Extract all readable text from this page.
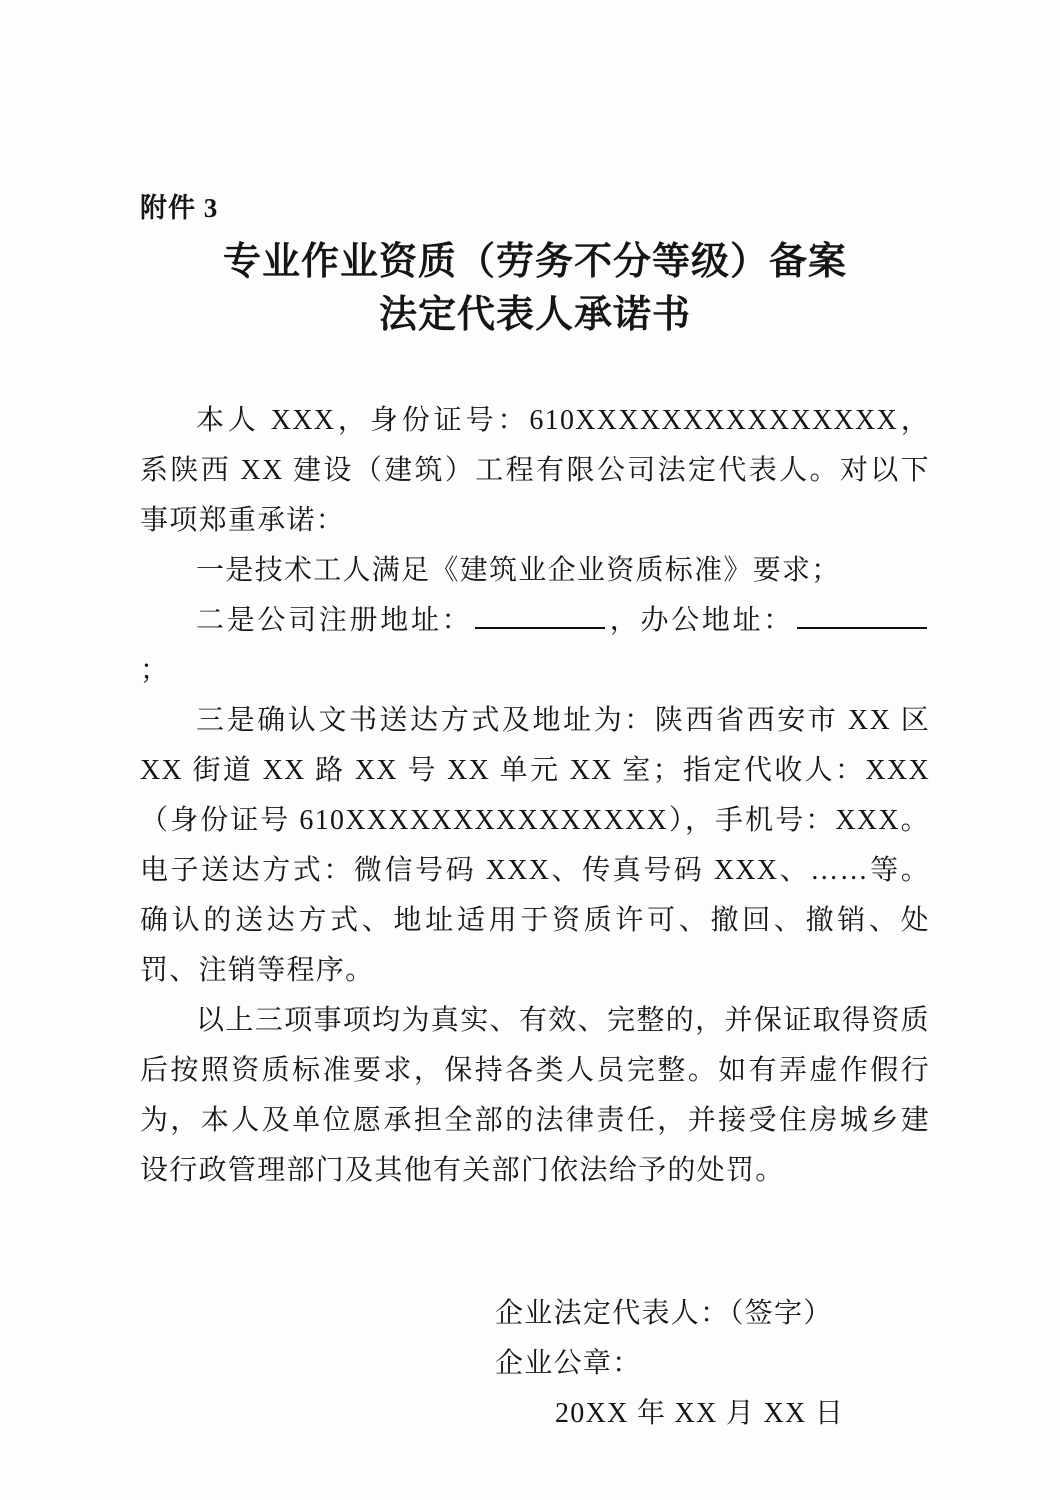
附件 3
专业作业资质（劳务不分等级）备案
法定代表人承诺书

本人 XXX，身份证号：610XXXXXXXXXXXXXXX，系陕西 XX 建设（建筑）工程有限公司法定代表人。对以下事项郑重承诺：

一是技术工人满足《建筑业企业资质标准》要求；

二是公司注册地址：	，办公地址：；

三是确认文书送达方式及地址为：陕西省西安市 XX 区 XX 街道 XX 路 XX 号 XX 单元 XX 室；指定代收人：XXX（身份证号 610XXXXXXXXXXXXXXX），手机号：XXX。电子送达方式：微信号码 XXX、传真号码 XXX、……等。确认的送达方式、地址适用于资质许可、撤回、撤销、处罚、注销等程序。

以上三项事项均为真实、有效、完整的，并保证取得资质后按照资质标准要求，保持各类人员完整。如有弄虚作假行为，本人及单位愿承担全部的法律责任，并接受住房城乡建设行政管理部门及其他有关部门依法给予的处罚。

企业法定代表人：（签字）
企业公章：
20XX 年 XX 月 XX 日
